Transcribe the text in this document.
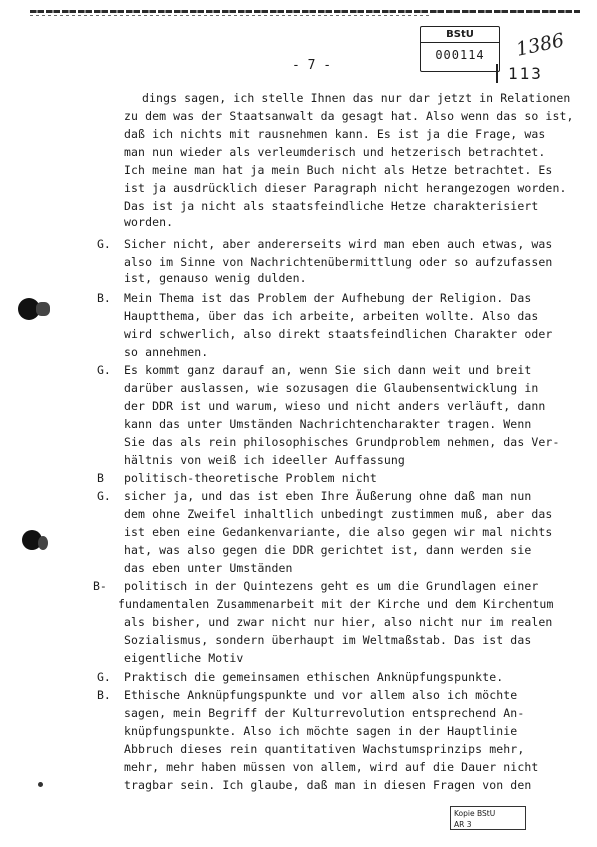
BStU
000114	1386
- 7 -	113
G.
B.
G.
B
G.
B-
G.
B.
dings sagen, ich stelle Ihnen das nur dar jetzt in Relationen
zu dem was der Staatsanwalt da gesagt hat. Also wenn das so ist,
daß ich nichts mit rausnehmen kann. Es ist ja die Frage, was
man nun wieder als verleumderisch und hetzerisch betrachtet.
Ich meine man hat ja mein Buch nicht als Hetze betrachtet. Es
ist ja ausdrücklich dieser Paragraph nicht herangezogen worden.
Das ist ja nicht als staatsfeindliche Hetze charakterisiert
worden.
Sicher nicht, aber andererseits wird man eben auch etwas, was
also im Sinne von Nachrichtenübermittlung oder so aufzufassen
ist, genauso wenig dulden.
Mein Thema ist das Problem der Aufhebung der Religion. Das
Hauptthema, über das ich arbeite, arbeiten wollte. Also das
wird schwerlich, also direkt staatsfeindlichen Charakter oder
so annehmen.
Es kommt ganz darauf an, wenn Sie sich dann weit und breit
darüber auslassen, wie sozusagen die Glaubensentwicklung in
der DDR ist und warum, wieso und nicht anders verläuft, dann
kann das unter Umständen Nachrichtencharakter tragen. Wenn
Sie das als rein philosophisches Grundproblem nehmen, das Ver-
hältnis von weiß ich ideeller Auffassung
politisch-theoretische Problem nicht
sicher ja, und das ist eben Ihre Äußerung ohne daß man nun
dem ohne Zweifel inhaltlich unbedingt zustimmen muß, aber das
ist eben eine Gedankenvariante, die also gegen wir mal nichts
hat, was also gegen die DDR gerichtet ist, dann werden sie
das eben unter Umständen
politisch in der Quintezens geht es um die Grundlagen einer
fundamentalen Zusammenarbeit mit der Kirche und dem Kirchentum
als bisher, und zwar nicht nur hier, also nicht nur im realen
Sozialismus, sondern überhaupt im Weltmaßstab. Das ist das
eigentliche Motiv
Praktisch die gemeinsamen ethischen Anknüpfungspunkte.
Ethische Anknüpfungspunkte und vor allem also ich möchte
sagen, mein Begriff der Kulturrevolution entsprechend An-
knüpfungspunkte. Also ich möchte sagen in der Hauptlinie
Abbruch dieses rein quantitativen Wachstumsprinzips mehr,
mehr, mehr haben müssen von allem, wird auf die Dauer nicht
tragbar sein. Ich glaube, daß man in diesen Fragen von den
Kopie BStU
AR 3
